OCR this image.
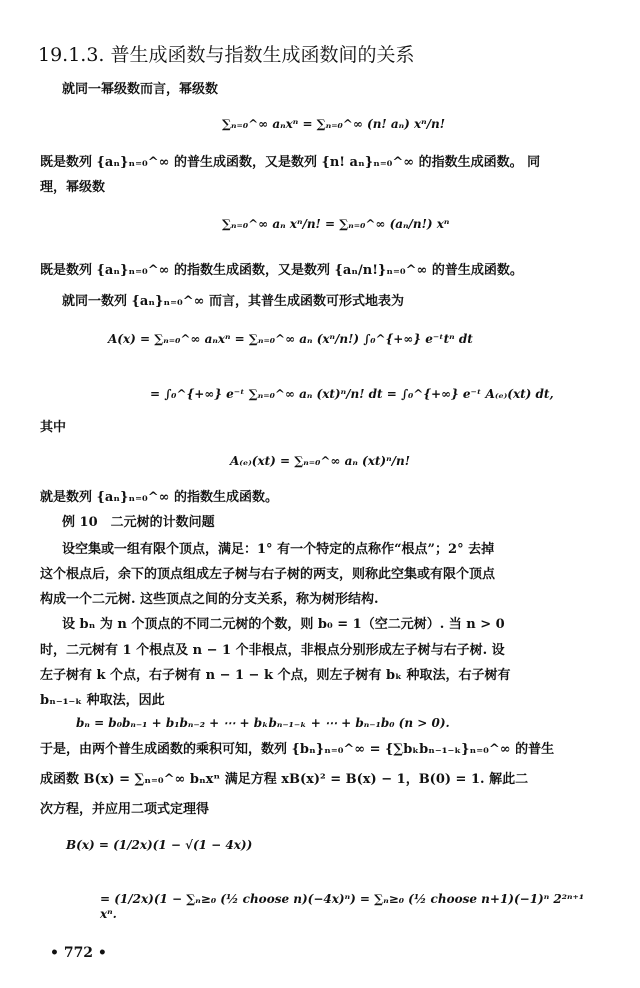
19.1.3. 普生成函数与指数生成函数间的关系
就同一幂级数而言，幂级数
∑ₙ₌₀^∞ aₙxⁿ = ∑ₙ₌₀^∞ (n! aₙ) xⁿ/n!
既是数列 {aₙ}ₙ₌₀^∞ 的普生成函数，又是数列 {n! aₙ}ₙ₌₀^∞ 的指数生成函数。 同
理，幂级数
∑ₙ₌₀^∞ aₙ xⁿ/n! = ∑ₙ₌₀^∞ (aₙ/n!) xⁿ
既是数列 {aₙ}ₙ₌₀^∞ 的指数生成函数，又是数列 {aₙ/n!}ₙ₌₀^∞ 的普生成函数。
就同一数列 {aₙ}ₙ₌₀^∞ 而言，其普生成函数可形式地表为
A(x) = ∑ₙ₌₀^∞ aₙxⁿ = ∑ₙ₌₀^∞ aₙ (xⁿ/n!) ∫₀^{+∞} e⁻ᵗtⁿ dt
= ∫₀^{+∞} e⁻ᵗ ∑ₙ₌₀^∞ aₙ (xt)ⁿ/n! dt = ∫₀^{+∞} e⁻ᵗ A₍ₑ₎(xt) dt,
其中
A₍ₑ₎(xt) = ∑ₙ₌₀^∞ aₙ (xt)ⁿ/n!
就是数列 {aₙ}ₙ₌₀^∞ 的指数生成函数。
例 10　二元树的计数问题
设空集或一组有限个顶点，满足：1° 有一个特定的点称作“根点”；2° 去掉
这个根点后，余下的顶点组成左子树与右子树的两支，则称此空集或有限个顶点
构成一个二元树. 这些顶点之间的分支关系，称为树形结构.
设 bₙ 为 n 个顶点的不同二元树的个数，则 b₀ = 1（空二元树）. 当 n > 0
时，二元树有 1 个根点及 n − 1 个非根点，非根点分别形成左子树与右子树. 设
左子树有 k 个点，右子树有 n − 1 − k 个点，则左子树有 bₖ 种取法，右子树有
bₙ₋₁₋ₖ 种取法，因此
bₙ = b₀bₙ₋₁ + b₁bₙ₋₂ + ⋯ + bₖbₙ₋₁₋ₖ + ⋯ + bₙ₋₁b₀ (n > 0).
于是，由两个普生成函数的乘积可知，数列 {bₙ}ₙ₌₀^∞ = {∑bₖbₙ₋₁₋ₖ}ₙ₌₀^∞ 的普生
成函数 B(x) = ∑ₙ₌₀^∞ bₙxⁿ 满足方程 xB(x)² = B(x) − 1，B(0) = 1. 解此二
次方程，并应用二项式定理得
B(x) = (1/2x)(1 − √(1 − 4x))
= (1/2x)(1 − ∑ₙ≥₀ (½ choose n)(−4x)ⁿ) = ∑ₙ≥₀ (½ choose n+1)(−1)ⁿ 2²ⁿ⁺¹ xⁿ.
• 772 •
